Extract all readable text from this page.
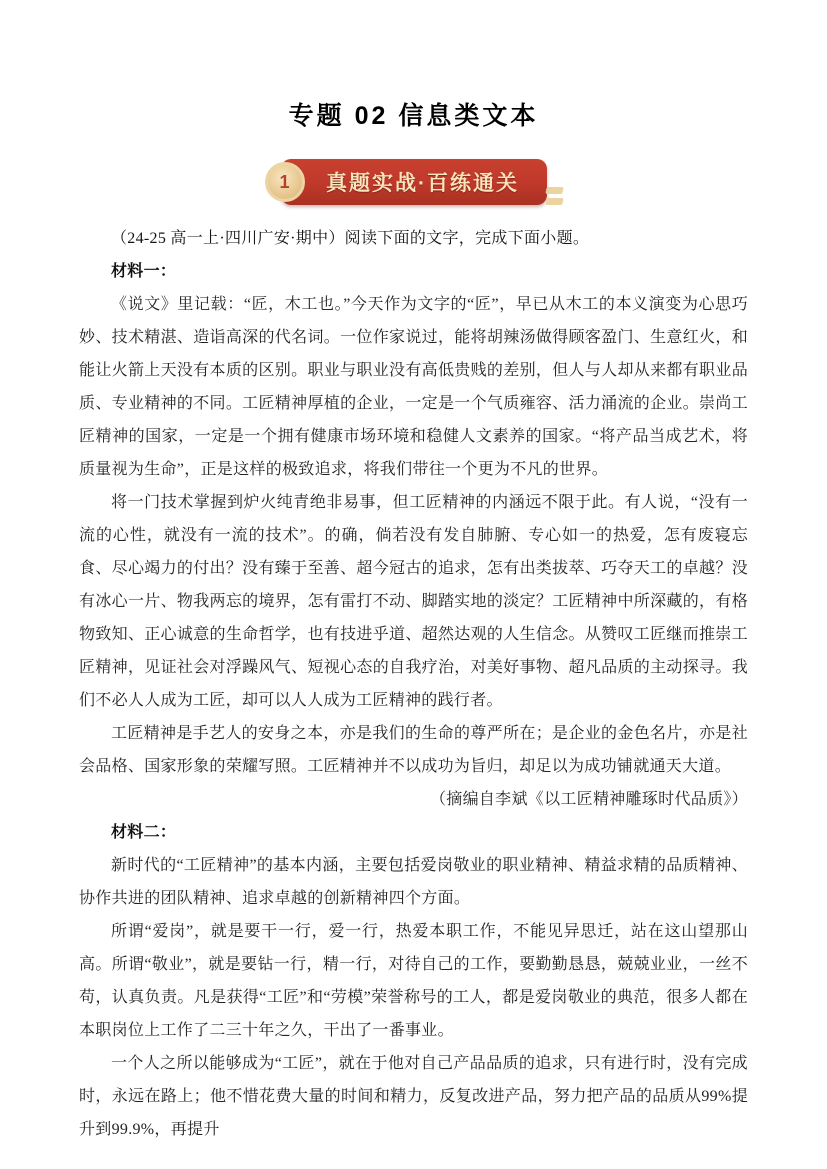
专题 02 信息类文本
1	真题实战·百练通关

（24-25 高一上·四川广安·期中）阅读下面的文字，完成下面小题。

材料一：

《说文》里记载：“匠，木工也。”今天作为文字的“匠”，早已从木工的本义演变为心思巧妙、技术精湛、造诣高深的代名词。一位作家说过，能将胡辣汤做得顾客盈门、生意红火，和能让火箭上天没有本质的区别。职业与职业没有高低贵贱的差别，但人与人却从来都有职业品质、专业精神的不同。工匠精神厚植的企业，一定是一个气质雍容、活力涌流的企业。崇尚工匠精神的国家，一定是一个拥有健康市场环境和稳健人文素养的国家。“将产品当成艺术，将质量视为生命”，正是这样的极致追求，将我们带往一个更为不凡的世界。

将一门技术掌握到炉火纯青绝非易事，但工匠精神的内涵远不限于此。有人说，“没有一流的心性，就没有一流的技术”。的确，倘若没有发自肺腑、专心如一的热爱，怎有废寝忘食、尽心竭力的付出？没有臻于至善、超今冠古的追求，怎有出类拔萃、巧夺天工的卓越？没有冰心一片、物我两忘的境界，怎有雷打不动、脚踏实地的淡定？工匠精神中所深藏的，有格物致知、正心诚意的生命哲学，也有技进乎道、超然达观的人生信念。从赞叹工匠继而推崇工匠精神，见证社会对浮躁风气、短视心态的自我疗治，对美好事物、超凡品质的主动探寻。我们不必人人成为工匠，却可以人人成为工匠精神的践行者。

工匠精神是手艺人的安身之本，亦是我们的生命的尊严所在；是企业的金色名片，亦是社会品格、国家形象的荣耀写照。工匠精神并不以成功为旨归，却足以为成功铺就通天大道。

（摘编自李斌《以工匠精神雕琢时代品质》）

材料二：

新时代的“工匠精神”的基本内涵，主要包括爱岗敬业的职业精神、精益求精的品质精神、协作共进的团队精神、追求卓越的创新精神四个方面。

所谓“爱岗”，就是要干一行，爱一行，热爱本职工作，不能见异思迁，站在这山望那山高。所谓“敬业”，就是要钻一行，精一行，对待自己的工作，要勤勤恳恳，兢兢业业，一丝不苟，认真负责。凡是获得“工匠”和“劳模”荣誉称号的工人，都是爱岗敬业的典范，很多人都在本职岗位上工作了二三十年之久，干出了一番事业。

一个人之所以能够成为“工匠”，就在于他对自己产品品质的追求，只有进行时，没有完成时，永远在路上；他不惜花费大量的时间和精力，反复改进产品，努力把产品的品质从99%提升到99.9%，再提升
